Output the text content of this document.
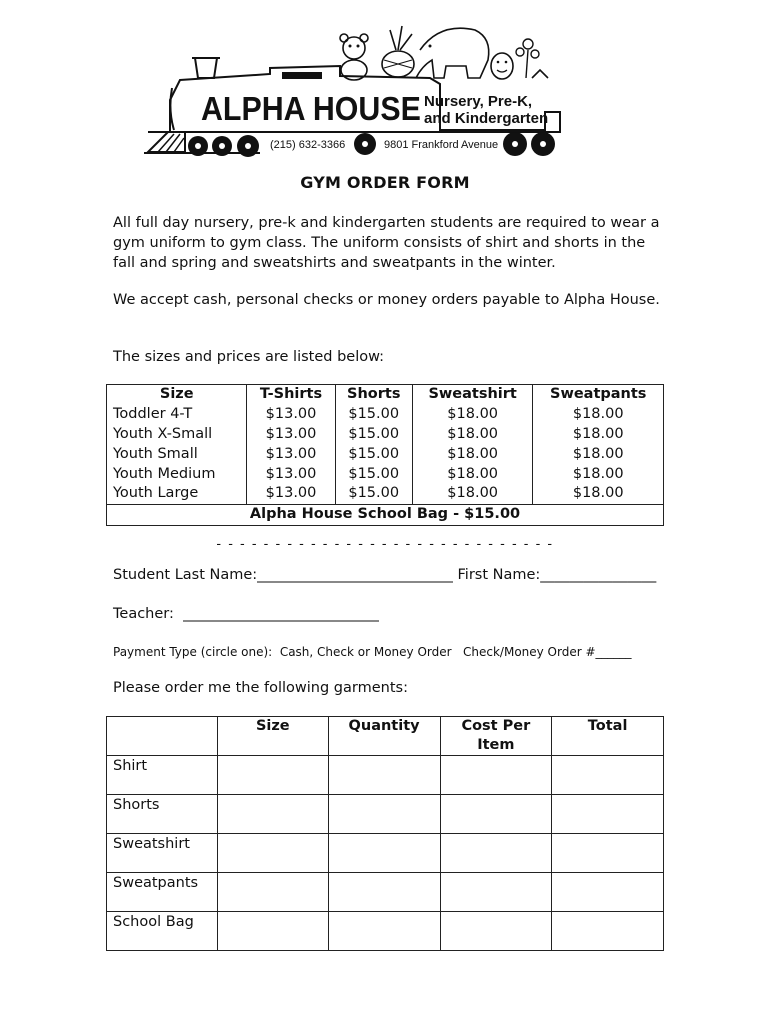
ALPHA HOUSE Nursery, Pre-K,
and Kindergarten
(215) 632-3366	9801 Frankford Avenue
GYM ORDER FORM
All full day nursery, pre-k and kindergarten students are required to wear a gym uniform to gym class. The uniform consists of shirt and shorts in the fall and spring and sweatshirts and sweatpants in the winter.
We accept cash, personal checks or money orders payable to Alpha House.
The sizes and prices are listed below:
Size	T-Shirts	Shorts	Sweatshirt	Sweatpants
Toddler 4-T	$13.00	$15.00	$18.00	$18.00
Youth X-Small	$13.00	$15.00	$18.00	$18.00
Youth Small	$13.00	$15.00	$18.00	$18.00
Youth Medium	$13.00	$15.00	$18.00	$18.00
Youth Large	$13.00	$15.00	$18.00	$18.00
Alpha House School Bag - $15.00				
- - - - - - - - - - - - - - - - - - - - - - - - - - - - -
Student Last Name:___________________________ First Name:________________
Teacher:  ___________________________
Payment Type (circle one):  Cash, Check or Money Order   Check/Money Order #______
Please order me the following garments:
	Size	Quantity	Cost Per Item	Total
Shirt				
Shorts				
Sweatshirt				
Sweatpants				
School Bag				
